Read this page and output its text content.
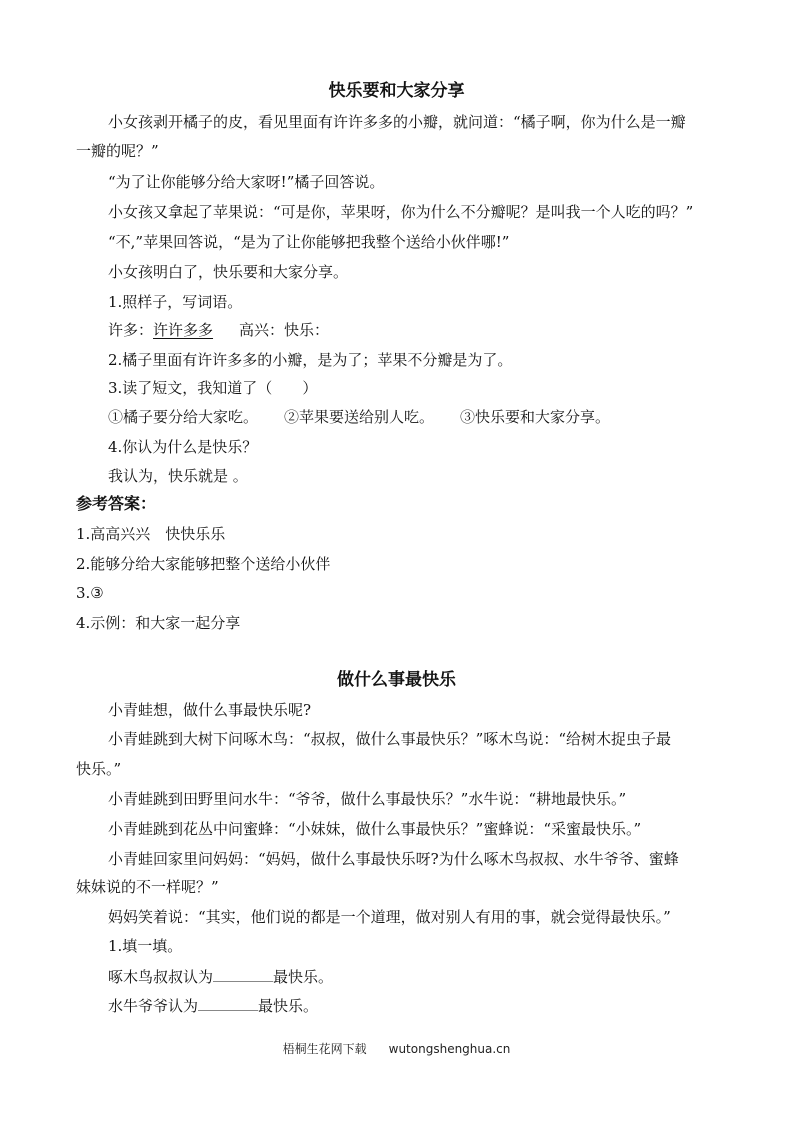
快乐要和大家分享
小女孩剥开橘子的皮，看见里面有许许多多的小瓣，就问道：“橘子啊，你为什么是一瓣
一瓣的呢？”
“为了让你能够分给大家呀!”橘子回答说。
小女孩又拿起了苹果说：“可是你，苹果呀，你为什么不分瓣呢？是叫我一个人吃的吗？”
“不,”苹果回答说，“是为了让你能够把我整个送给小伙伴哪!”
小女孩明白了，快乐要和大家分享。
1.照样子，写词语。
许多：许许多多 高兴：快乐：
2.橘子里面有许许多多的小瓣，是为了；苹果不分瓣是为了。
3.读了短文，我知道了（　　）
①橘子要分给大家吃。 ②苹果要送给别人吃。 ③快乐要和大家分享。
4.你认为什么是快乐？
我认为，快乐就是 。
参考答案：
1.高高兴兴　快快乐乐
2.能够分给大家能够把整个送给小伙伴
3.③
4.示例：和大家一起分享
做什么事最快乐
小青蛙想，做什么事最快乐呢?
小青蛙跳到大树下问啄木鸟：“叔叔，做什么事最快乐？”啄木鸟说：“给树木捉虫子最
快乐。”
小青蛙跳到田野里问水牛：“爷爷，做什么事最快乐？”水牛说：“耕地最快乐。”
小青蛙跳到花丛中问蜜蜂：“小妹妹，做什么事最快乐？”蜜蜂说：“采蜜最快乐。”
小青蛙回家里问妈妈：“妈妈，做什么事最快乐呀?为什么啄木鸟叔叔、水牛爷爷、蜜蜂
妹妹说的不一样呢？”
妈妈笑着说：“其实，他们说的都是一个道理，做对别人有用的事，就会觉得最快乐。”
1.填一填。
啄木鸟叔叔认为	最快乐。
水牛爷爷认为	最快乐。
梧桐生花网下载 wutongshenghua.cn
